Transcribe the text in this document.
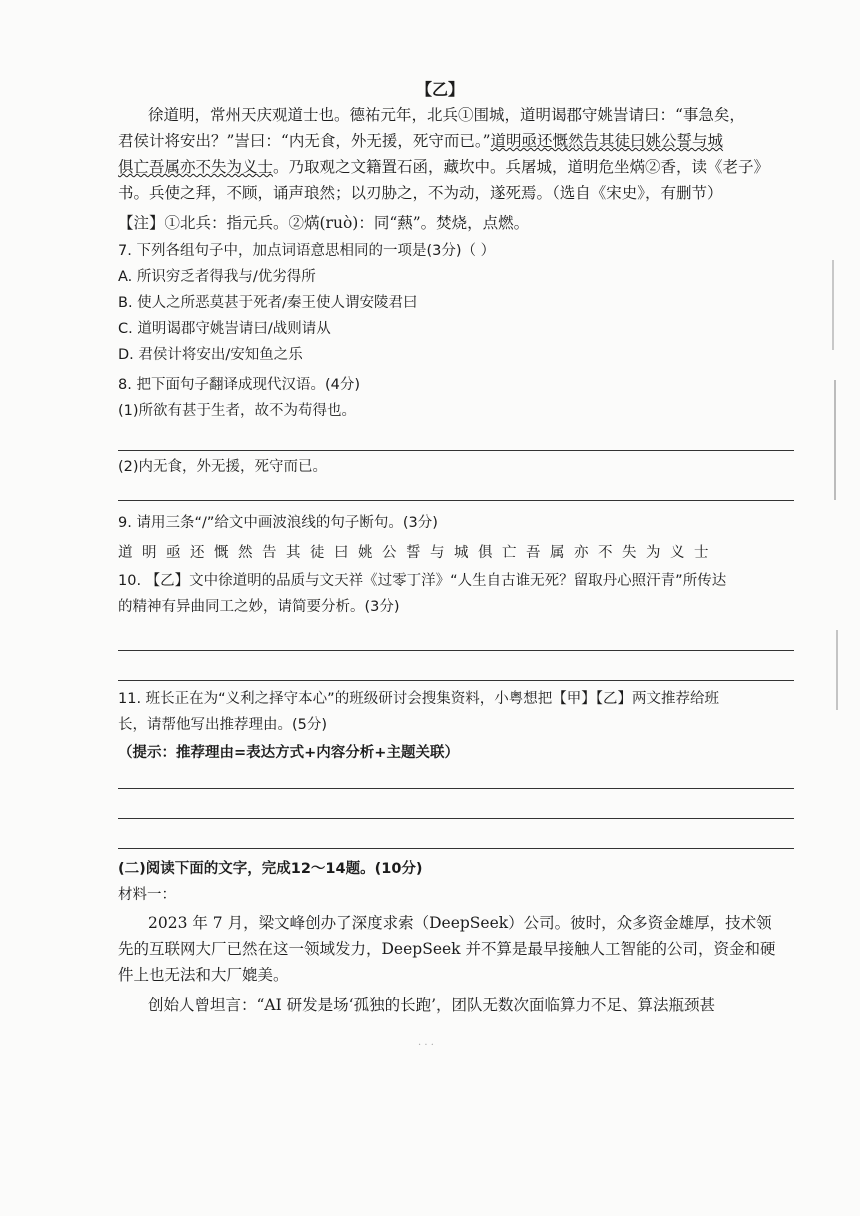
【乙】
徐道明，常州天庆观道士也。德祐元年，北兵①围城，道明谒郡守姚訔请曰：“事急矣，
君侯计将安出？”訔曰：“内无食，外无援，死守而已。”道明亟还慨然告其徒曰姚公誓与城
俱亡吾属亦不失为义士。乃取观之文籍置石函，藏坎中。兵屠城，道明危坐焫②香，读《老子》
书。兵使之拜，不顾，诵声琅然；以刃胁之，不为动，遂死焉。（选自《宋史》，有删节）
【注】①北兵：指元兵。②焫(ruò)：同“爇”。焚烧，点燃。
7. 下列各组句子中，加点词语意思相同的一项是(3分)（ ）
A. 所识穷乏者得我与/优劣得所
B. 使人之所恶莫甚于死者/秦王使人谓安陵君曰
C. 道明谒郡守姚訔请曰/战则请从
D. 君侯计将安出/安知鱼之乐
8. 把下面句子翻译成现代汉语。(4分)
(1)所欲有甚于生者，故不为苟得也。
(2)内无食，外无援，死守而已。
9. 请用三条“/”给文中画波浪线的句子断句。(3分)
道明亟还慨然告其徒曰姚公誓与城俱亡吾属亦不失为义士
10. 【乙】文中徐道明的品质与文天祥《过零丁洋》“人生自古谁无死？留取丹心照汗青”所传达
的精神有异曲同工之妙，请简要分析。(3分)
11. 班长正在为“义利之择守本心”的班级研讨会搜集资料，小粤想把【甲】【乙】两文推荐给班
长，请帮他写出推荐理由。(5分)
（提示：推荐理由=表达方式+内容分析+主题关联）
(二)阅读下面的文字，完成12～14题。(10分)
材料一：
2023 年 7 月，梁文峰创办了深度求索（DeepSeek）公司。彼时，众多资金雄厚，技术领
先的互联网大厂已然在这一领域发力，DeepSeek 并不算是最早接触人工智能的公司，资金和硬
件上也无法和大厂媲美。
创始人曾坦言：“AI 研发是场‘孤独的长跑’，团队无数次面临算力不足、算法瓶颈甚
· · ·
